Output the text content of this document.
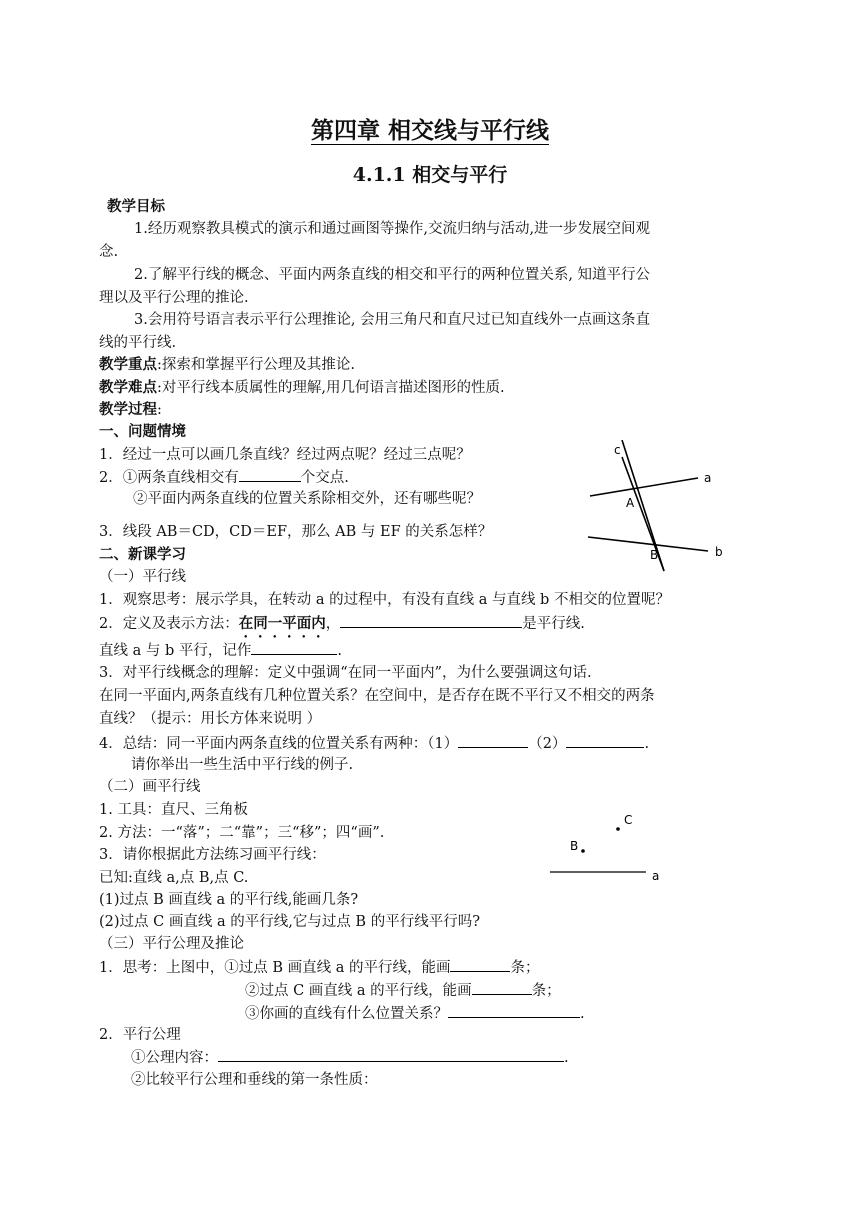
第四章 相交线与平行线
4.1.1 相交与平行
教学目标
1.经历观察教具模式的演示和通过画图等操作,交流归纳与活动,进一步发展空间观
念.
2.了解平行线的概念、平面内两条直线的相交和平行的两种位置关系, 知道平行公
理以及平行公理的推论.
3.会用符号语言表示平行公理推论, 会用三角尺和直尺过已知直线外一点画这条直
线的平行线.
教学重点:探索和掌握平行公理及其推论.
教学难点:对平行线本质属性的理解,用几何语言描述图形的性质.
教学过程:
一、问题情境
1．经过一点可以画几条直线？经过两点呢？经过三点呢？
2．①两条直线相交有	个交点.
②平面内两条直线的位置关系除相交外，还有哪些呢？
3．线段 AB＝CD，CD＝EF，那么 AB 与 EF 的关系怎样？
c
a
A
B	b
二、新课学习
（一）平行线
1．观察思考：展示学具，在转动 a 的过程中，有没有直线 a 与直线 b 不相交的位置呢？
2．定义及表示方法：在同一平面内，	是平行线.
直线 a 与 b 平行，记作	.
3．对平行线概念的理解：定义中强调“在同一平面内”，为什么要强调这句话.
在同一平面内,两条直线有几种位置关系？在空间中，是否存在既不平行又不相交的两条
直线？（提示：用长方体来说明 ）
4．总结：同一平面内两条直线的位置关系有两种：（1）	（2）	.
请你举出一些生活中平行线的例子.
（二）画平行线
1. 工具：直尺、三角板
2. 方法：一“落”；二“靠”；三“移”；四“画”.
3．请你根据此方法练习画平行线：
已知:直线 a,点 B,点 C.
(1)过点 B 画直线 a 的平行线,能画几条?
(2)过点 C 画直线 a 的平行线,它与过点 B 的平行线平行吗?
C
B
a
（三）平行公理及推论
1．思考：上图中，①过点 B 画直线 a 的平行线，能画	条；
②过点 C 画直线 a 的平行线，能画	条；
③你画的直线有什么位置关系？	.
2．平行公理
①公理内容：	.
②比较平行公理和垂线的第一条性质：
